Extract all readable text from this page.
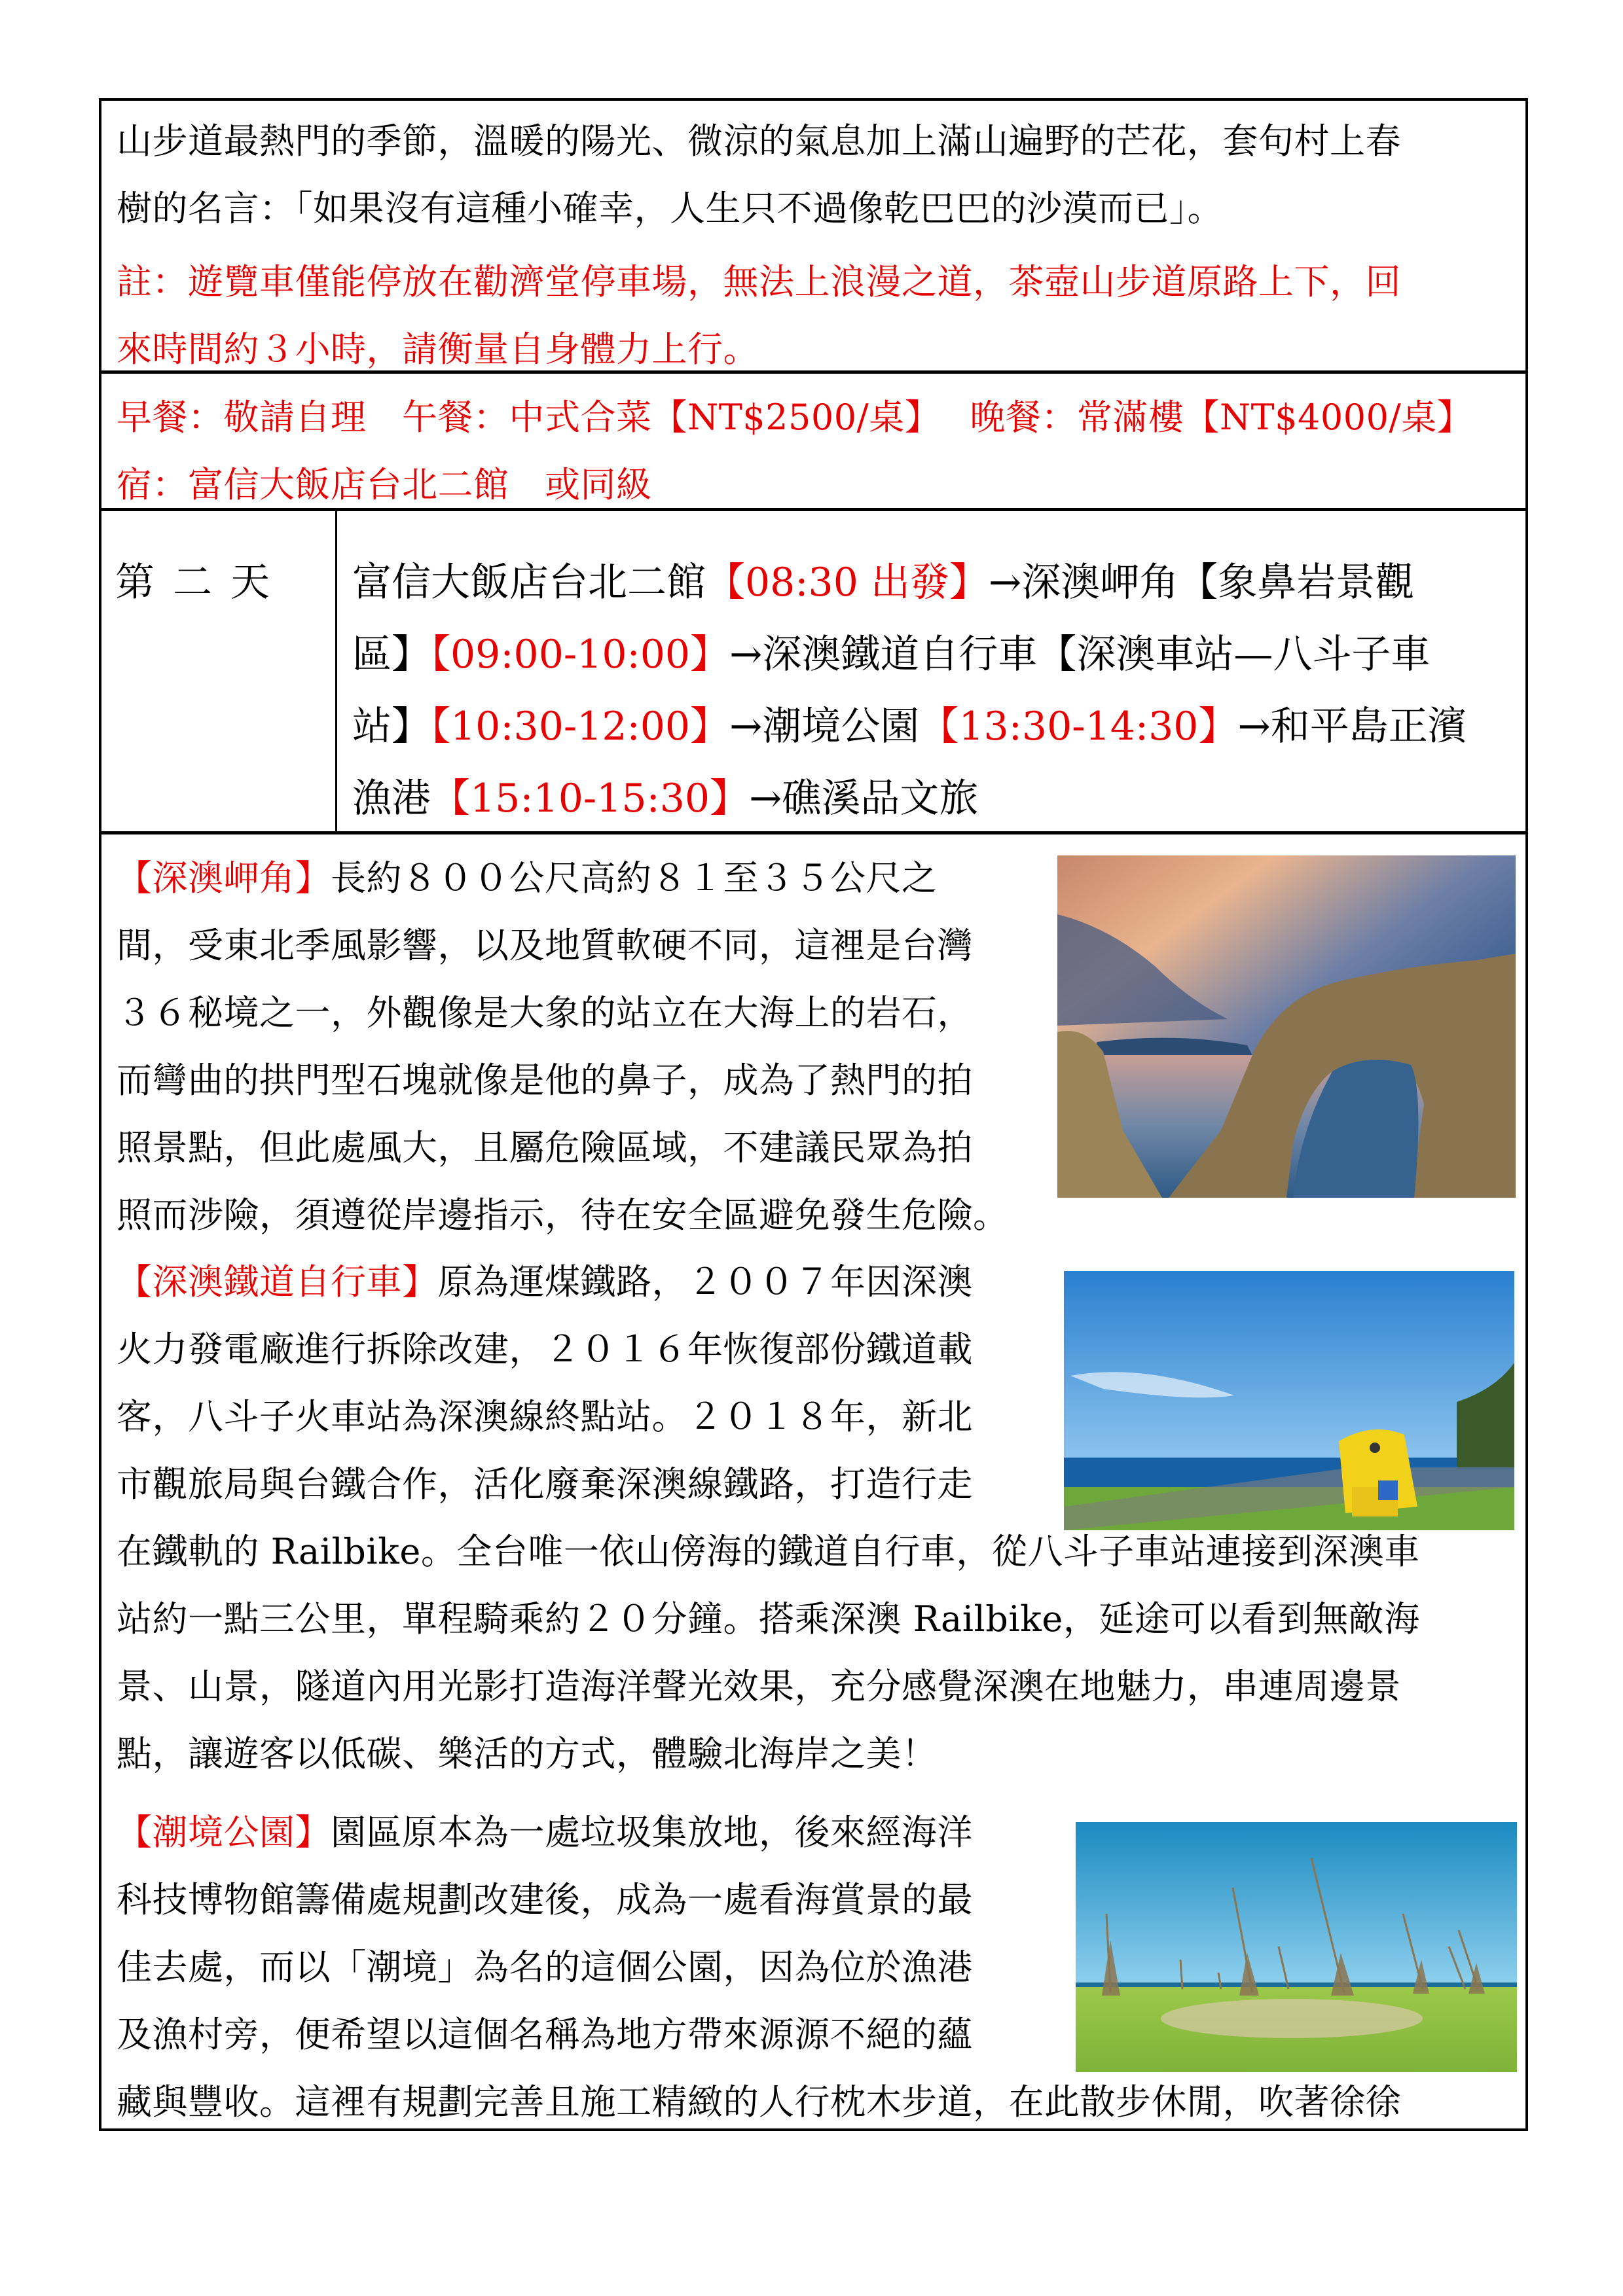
山步道最熱門的季節，溫暖的陽光、微涼的氣息加上滿山遍野的芒花，套句村上春
樹的名言：「如果沒有這種小確幸，人生只不過像乾巴巴的沙漠而已」。
註：遊覽車僅能停放在勸濟堂停車場，無法上浪漫之道，茶壺山步道原路上下，回
來時間約３小時，請衡量自身體力上行。
早餐：敬請自理　午餐：中式合菜【NT$2500/桌】　 晚餐：常滿樓【NT$4000/桌】
宿：富信大飯店台北二館　或同級
第二天 富信大飯店台北二館【08:30 出發】→深澳岬角【象鼻岩景觀
區】【09:00-10:00】→深澳鐵道自行車【深澳車站—八斗子車
站】【10:30-12:00】→潮境公園【13:30-14:30】→和平島正濱
漁港【15:10-15:30】→礁溪品文旅
【深澳岬角】長約８００公尺高約８１至３５公尺之
間，受東北季風影響，以及地質軟硬不同，這裡是台灣
３６秘境之一，外觀像是大象的站立在大海上的岩石，
而彎曲的拱門型石塊就像是他的鼻子，成為了熱門的拍
照景點，但此處風大，且屬危險區域，不建議民眾為拍
照而涉險，須遵從岸邊指示，待在安全區避免發生危險。
【深澳鐵道自行車】原為運煤鐵路，２００７年因深澳
火力發電廠進行拆除改建，２０１６年恢復部份鐵道載
客，八斗子火車站為深澳線終點站。２０１８年，新北
市觀旅局與台鐵合作，活化廢棄深澳線鐵路，打造行走
在鐵軌的 Railbike。全台唯一依山傍海的鐵道自行車，從八斗子車站連接到深澳車
站約一點三公里，單程騎乘約２０分鐘。搭乘深澳 Railbike，延途可以看到無敵海
景、山景，隧道內用光影打造海洋聲光效果，充分感覺深澳在地魅力，串連周邊景
點，讓遊客以低碳、樂活的方式，體驗北海岸之美！
【潮境公園】園區原本為一處垃圾集放地，後來經海洋
科技博物館籌備處規劃改建後，成為一處看海賞景的最
佳去處，而以「潮境」為名的這個公園，因為位於漁港
及漁村旁，便希望以這個名稱為地方帶來源源不絕的蘊
藏與豐收。這裡有規劃完善且施工精緻的人行枕木步道，在此散步休閒，吹著徐徐
